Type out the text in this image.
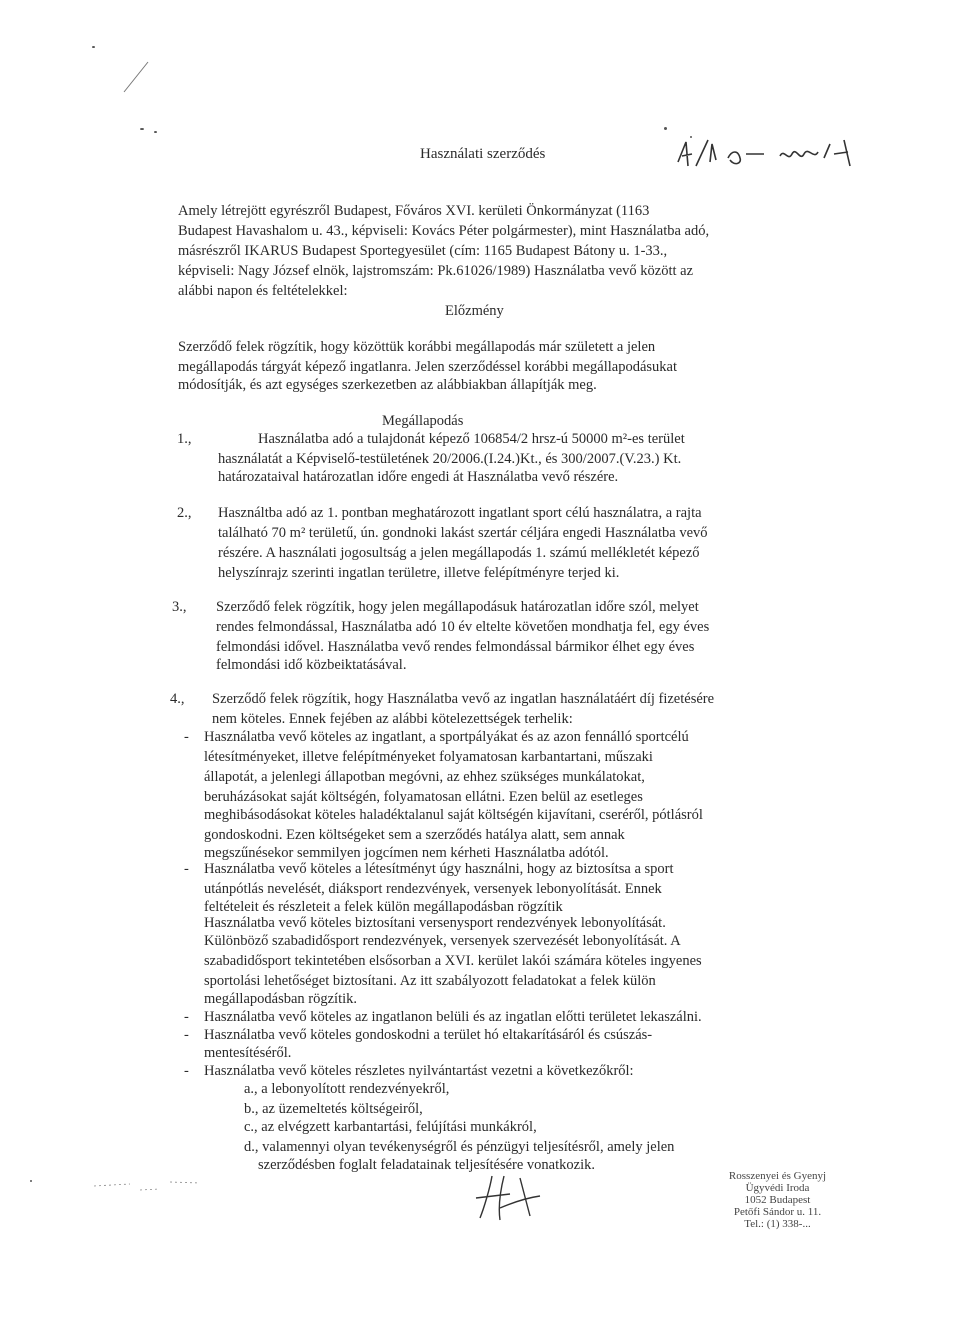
Használati szerződés
Amely létrejött egyrészről Budapest, Főváros XVI. kerületi Önkormányzat (1163
Budapest Havashalom u. 43., képviseli: Kovács Péter polgármester), mint Használatba adó,
másrészről IKARUS Budapest Sportegyesület (cím: 1165 Budapest Bátony u. 1-33.,
képviseli: Nagy József elnök, lajstromszám: Pk.61026/1989) Használatba vevő között az
alábbi napon és feltételekkel:
Előzmény
Szerződő felek rögzítik, hogy közöttük korábbi megállapodás már született a jelen
megállapodás tárgyát képező ingatlanra. Jelen szerződéssel korábbi megállapodásukat
módosítják, és azt egységes szerkezetben az alábbiakban állapítják meg.
Megállapodás
1.,	Használatba adó a tulajdonát képező 106854/2 hrsz-ú 50000 m²-es terület
használatát a Képviselő-testületének 20/2006.(I.24.)Kt., és 300/2007.(V.23.) Kt.
határozataival határozatlan időre engedi át Használatba vevő részére.
2., Használtba adó az 1. pontban meghatározott ingatlant sport célú használatra, a rajta
található 70 m² területű, ún. gondnoki lakást szertár céljára engedi Használatba vevő
részére. A használati jogosultság a jelen megállapodás 1. számú mellékletét képező
helyszínrajz szerinti ingatlan területre, illetve felépítményre terjed ki.
3., Szerződő felek rögzítik, hogy jelen megállapodásuk határozatlan időre szól, melyet
rendes felmondással, Használatba adó 10 év eltelte követően mondhatja fel, egy éves
felmondási idővel. Használatba vevő rendes felmondással bármikor élhet egy éves
felmondási idő közbeiktatásával.
4., Szerződő felek rögzítik, hogy Használatba vevő az ingatlan használatáért díj fizetésére
nem köteles. Ennek fejében az alábbi kötelezettségek terhelik:
- Használatba vevő köteles az ingatlant, a sportpályákat és az azon fennálló sportcélú
létesítményeket, illetve felépítményeket folyamatosan karbantartani, műszaki
állapotát, a jelenlegi állapotban megóvni, az ehhez szükséges munkálatokat,
beruházásokat saját költségén, folyamatosan ellátni. Ezen belül az esetleges
meghibásodásokat köteles haladéktalanul saját költségén kijavítani, cseréről, pótlásról
gondoskodni. Ezen költségeket sem a szerződés hatálya alatt, sem annak
megszűnésekor semmilyen jogcímen nem kérheti Használatba adótól.
- Használatba vevő köteles a létesítményt úgy használni, hogy az biztosítsa a sport
utánpótlás nevelését, diáksport rendezvények, versenyek lebonyolítását. Ennek
feltételeit és részleteit a felek külön megállapodásban rögzítik
Használatba vevő köteles biztosítani versenysport rendezvények lebonyolítását.
Különböző szabadidősport rendezvények, versenyek szervezését lebonyolítását. A
szabadidősport tekintetében elsősorban a XVI. kerület lakói számára köteles ingyenes
sportolási lehetőséget biztosítani. Az itt szabályozott feladatokat a felek külön
megállapodásban rögzítik.
- Használatba vevő köteles az ingatlanon belüli és az ingatlan előtti területet lekaszálni.
- Használatba vevő köteles gondoskodni a terület hó eltakarításáról és csúszás-
mentesítéséről.
- Használatba vevő köteles részletes nyilvántartást vezetni a következőkről:
a., a lebonyolított rendezvényekről,
b., az üzemeltetés költségeiről,
c., az elvégzett karbantartási, felújítási munkákról,
d., valamennyi olyan tevékenységről és pénzügyi teljesítésről, amely jelen
szerződésben foglalt feladatainak teljesítésére vonatkozik.
Rosszenyei és Gyenyj
Ügyvédi Iroda
1052 Budapest
Petőfi Sándor u. 11.
Tel.: (1) 338-...
